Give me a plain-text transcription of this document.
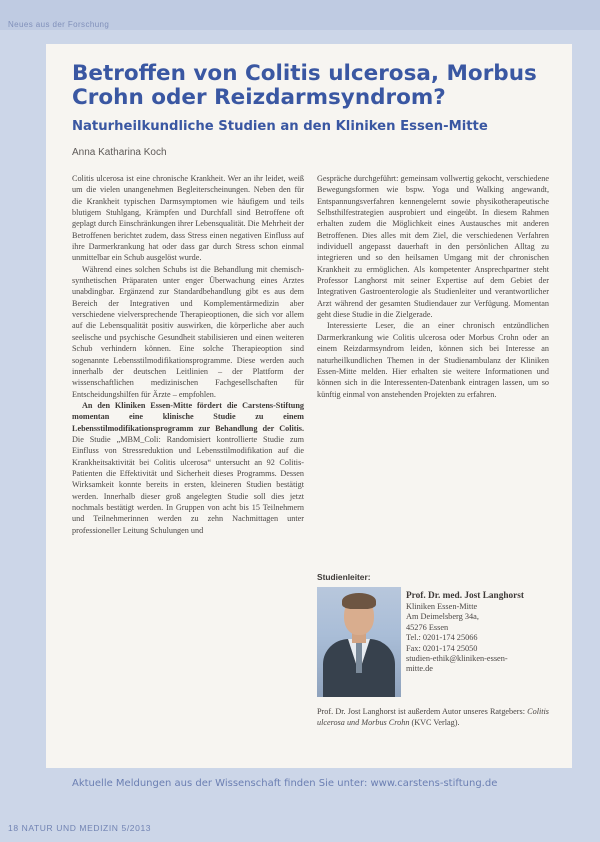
Neues aus der Forschung
Betroffen von Colitis ulcerosa, Morbus Crohn oder Reizdarmsyndrom?
Naturheilkundliche Studien an den Kliniken Essen-Mitte
Anna Katharina Koch

Colitis ulcerosa ist eine chronische Krankheit. Wer an ihr leidet, weiß um die vielen unangenehmen Begleiterscheinungen. Neben den für die Krankheit typischen Darmsymptomen wie häufigem und teils blutigem Stuhlgang, Krämpfen und Durchfall sind Betroffene oft geplagt durch Einschränkungen ihrer Lebensqualität. Die Mehrheit der Betroffenen berichtet zudem, dass Stress einen negativen Einfluss auf ihre Darmerkrankung hat oder dass gar durch Stress schon einmal unmittelbar ein Schub ausgelöst wurde.

Während eines solchen Schubs ist die Behandlung mit chemisch-synthetischen Präparaten unter enger Überwachung eines Arztes unabdingbar. Ergänzend zur Standardbehandlung gibt es aus dem Bereich der Integrativen und Komplementärmedizin aber verschiedene vielversprechende Therapieoptionen, die sich vor allem auf die Lebensqualität positiv auswirken, die körperliche aber auch seelische und psychische Gesundheit stabilisieren und einen weiteren Schub verhindern können. Eine solche Therapieoption sind sogenannte Lebensstilmodifikationsprogramme. Diese werden auch innerhalb der deutschen Leitlinien – der Plattform der wissenschaftlichen medizinischen Fachgesellschaften für Entscheidungshilfen für Ärzte – empfohlen.

An den Kliniken Essen-Mitte fördert die Carstens-Stiftung momentan eine klinische Studie zu einem Lebensstilmodifikationsprogramm zur Behandlung der Colitis. Die Studie „MBM_Coli: Randomisiert kontrollierte Studie zum Einfluss von Stressreduktion und Lebensstilmodifikation auf die Krankheitsaktivität bei Colitis ulcerosa“ untersucht an 92 Colitis-Patienten die Effektivität und Sicherheit dieses Programms. Dessen Wirksamkeit konnte bereits in ersten, kleineren Studien bestätigt werden. Innerhalb dieser groß angelegten Studie soll dies jetzt nochmals bestätigt werden. In Gruppen von acht bis 15 Teilnehmern und Teilnehmerinnen werden zu zehn Nachmittagen unter professioneller Leitung Schulungen und

Gespräche durchgeführt: gemeinsam vollwertig gekocht, verschiedene Bewegungsformen wie bspw. Yoga und Walking angewandt, Entspannungsverfahren kennengelernt sowie physikotherapeutische Selbsthilfestrategien ausprobiert und eingeübt. In diesem Rahmen erhalten zudem die Möglichkeit eines Austausches mit anderen Betroffenen. Dies alles mit dem Ziel, die verschiedenen Verfahren individuell angepasst dauerhaft in den persönlichen Alltag zu integrieren und so den heilsamen Umgang mit der chronischen Krankheit zu ermöglichen. Als kompetenter Ansprechpartner steht Professor Langhorst mit seiner Expertise auf dem Gebiet der Integrativen Gastroenterologie als Studienleiter und verantwortlicher Arzt während der gesamten Studiendauer zur Verfügung. Momentan geht diese Studie in die Zielgerade.

Interessierte Leser, die an einer chronisch entzündlichen Darmerkrankung wie Colitis ulcerosa oder Morbus Crohn oder an einem Reizdarmsyndrom leiden, können sich bei Interesse an naturheilkundlichen Themen in der Studienambulanz der Kliniken Essen-Mitte melden. Hier erhalten sie weitere Informationen und können sich in die Interessenten-Datenbank eintragen lassen, um so künftig einmal von anstehenden Projekten zu erfahren.

Studienleiter:
Prof. Dr. med. Jost Langhorst
Kliniken Essen-Mitte
Am Deimelsberg 34a,
45276 Essen
Tel.: 0201-174 25066
Fax: 0201-174 25050
studien-ethik@kliniken-essen-
mitte.de

Prof. Dr. Jost Langhorst ist außerdem Autor unseres Ratgebers: Colitis ulcerosa und Morbus Crohn (KVC Verlag).

Aktuelle Meldungen aus der Wissenschaft finden Sie unter: www.carstens-stiftung.de
18 NATUR UND MEDIZIN 5/2013
